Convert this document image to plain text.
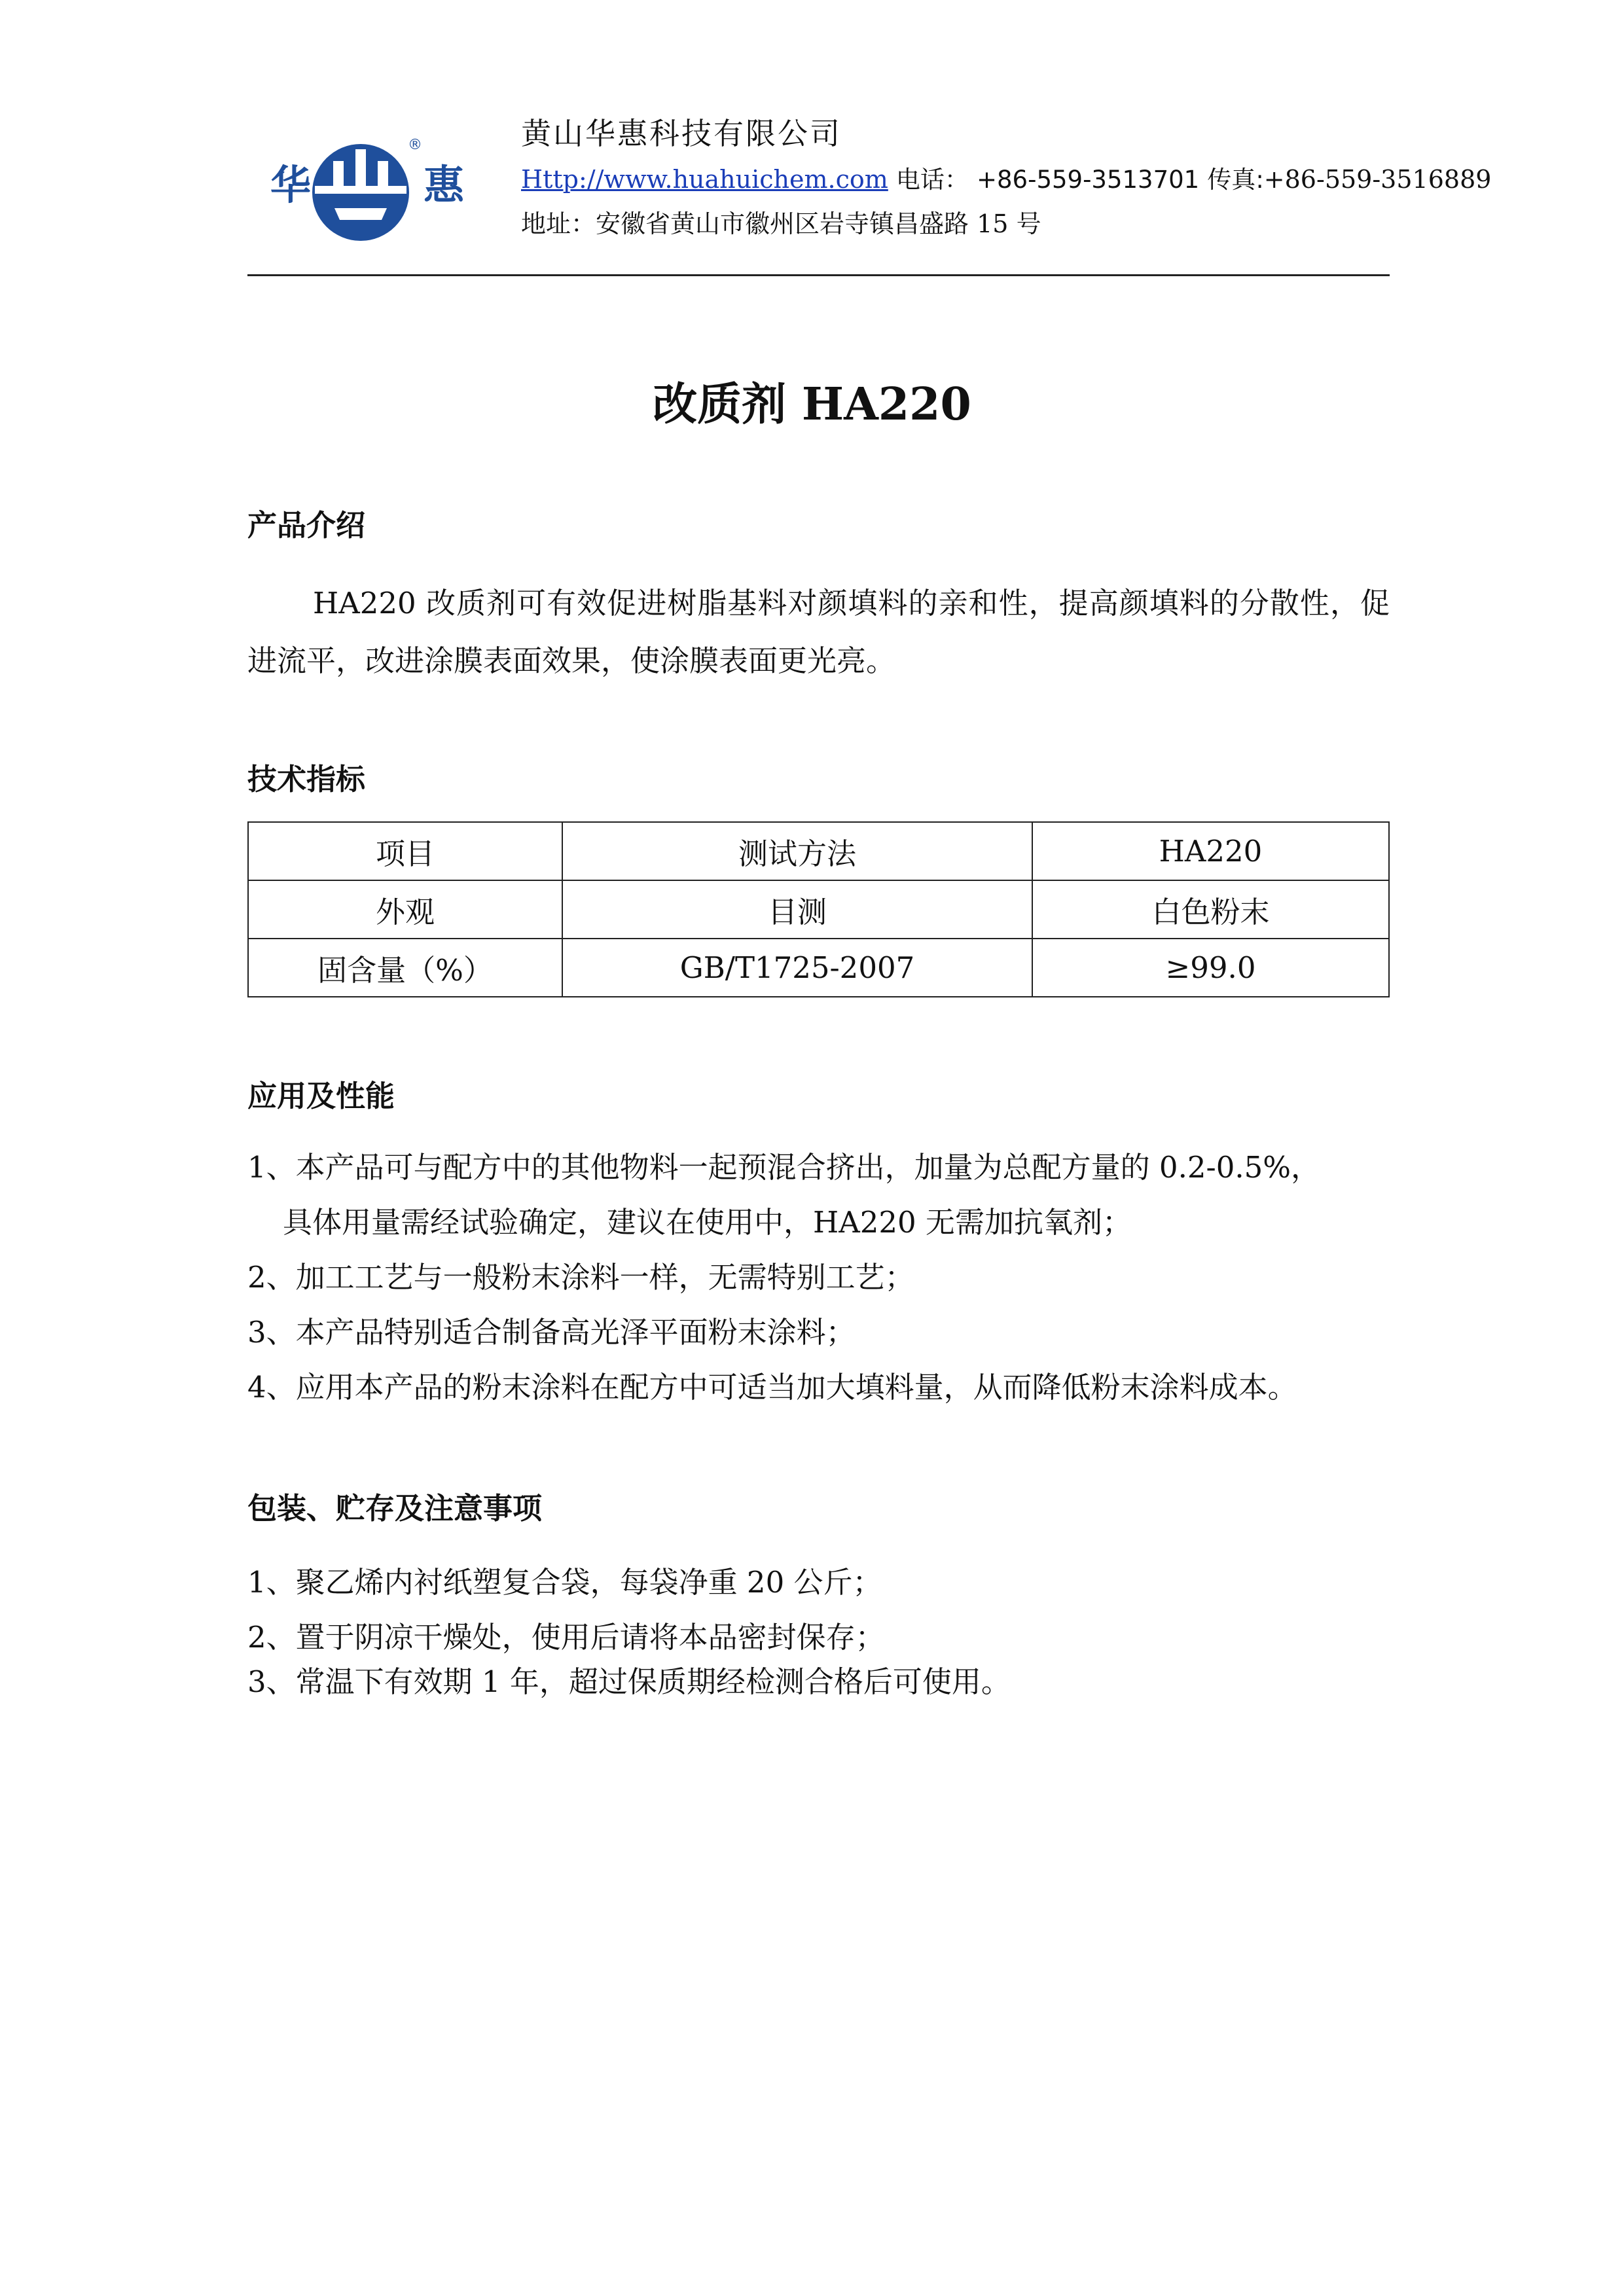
华
®
惠
黄山华惠科技有限公司
Http://www.huahuichem.com 电话： +86-559-3513701 传真:+86-559-3516889
地址：安徽省黄山市徽州区岩寺镇昌盛路 15 号
改质剂 HA220
产品介绍
HA220 改质剂可有效促进树脂基料对颜填料的亲和性，提高颜填料的分散性，促进流平，改进涂膜表面效果，使涂膜表面更光亮。
技术指标
项目	测试方法	HA220
外观	目测	白色粉末
固含量（%）	GB/T1725-2007	≥99.0
应用及性能
1、本产品可与配方中的其他物料一起预混合挤出，加量为总配方量的 0.2-0.5%，
具体用量需经试验确定，建议在使用中，HA220 无需加抗氧剂；
2、加工工艺与一般粉末涂料一样，无需特别工艺；
3、本产品特别适合制备高光泽平面粉末涂料；
4、应用本产品的粉末涂料在配方中可适当加大填料量，从而降低粉末涂料成本。
包装、贮存及注意事项
1、聚乙烯内衬纸塑复合袋，每袋净重 20 公斤；
2、置于阴凉干燥处，使用后请将本品密封保存；
3、常温下有效期 1 年，超过保质期经检测合格后可使用。
